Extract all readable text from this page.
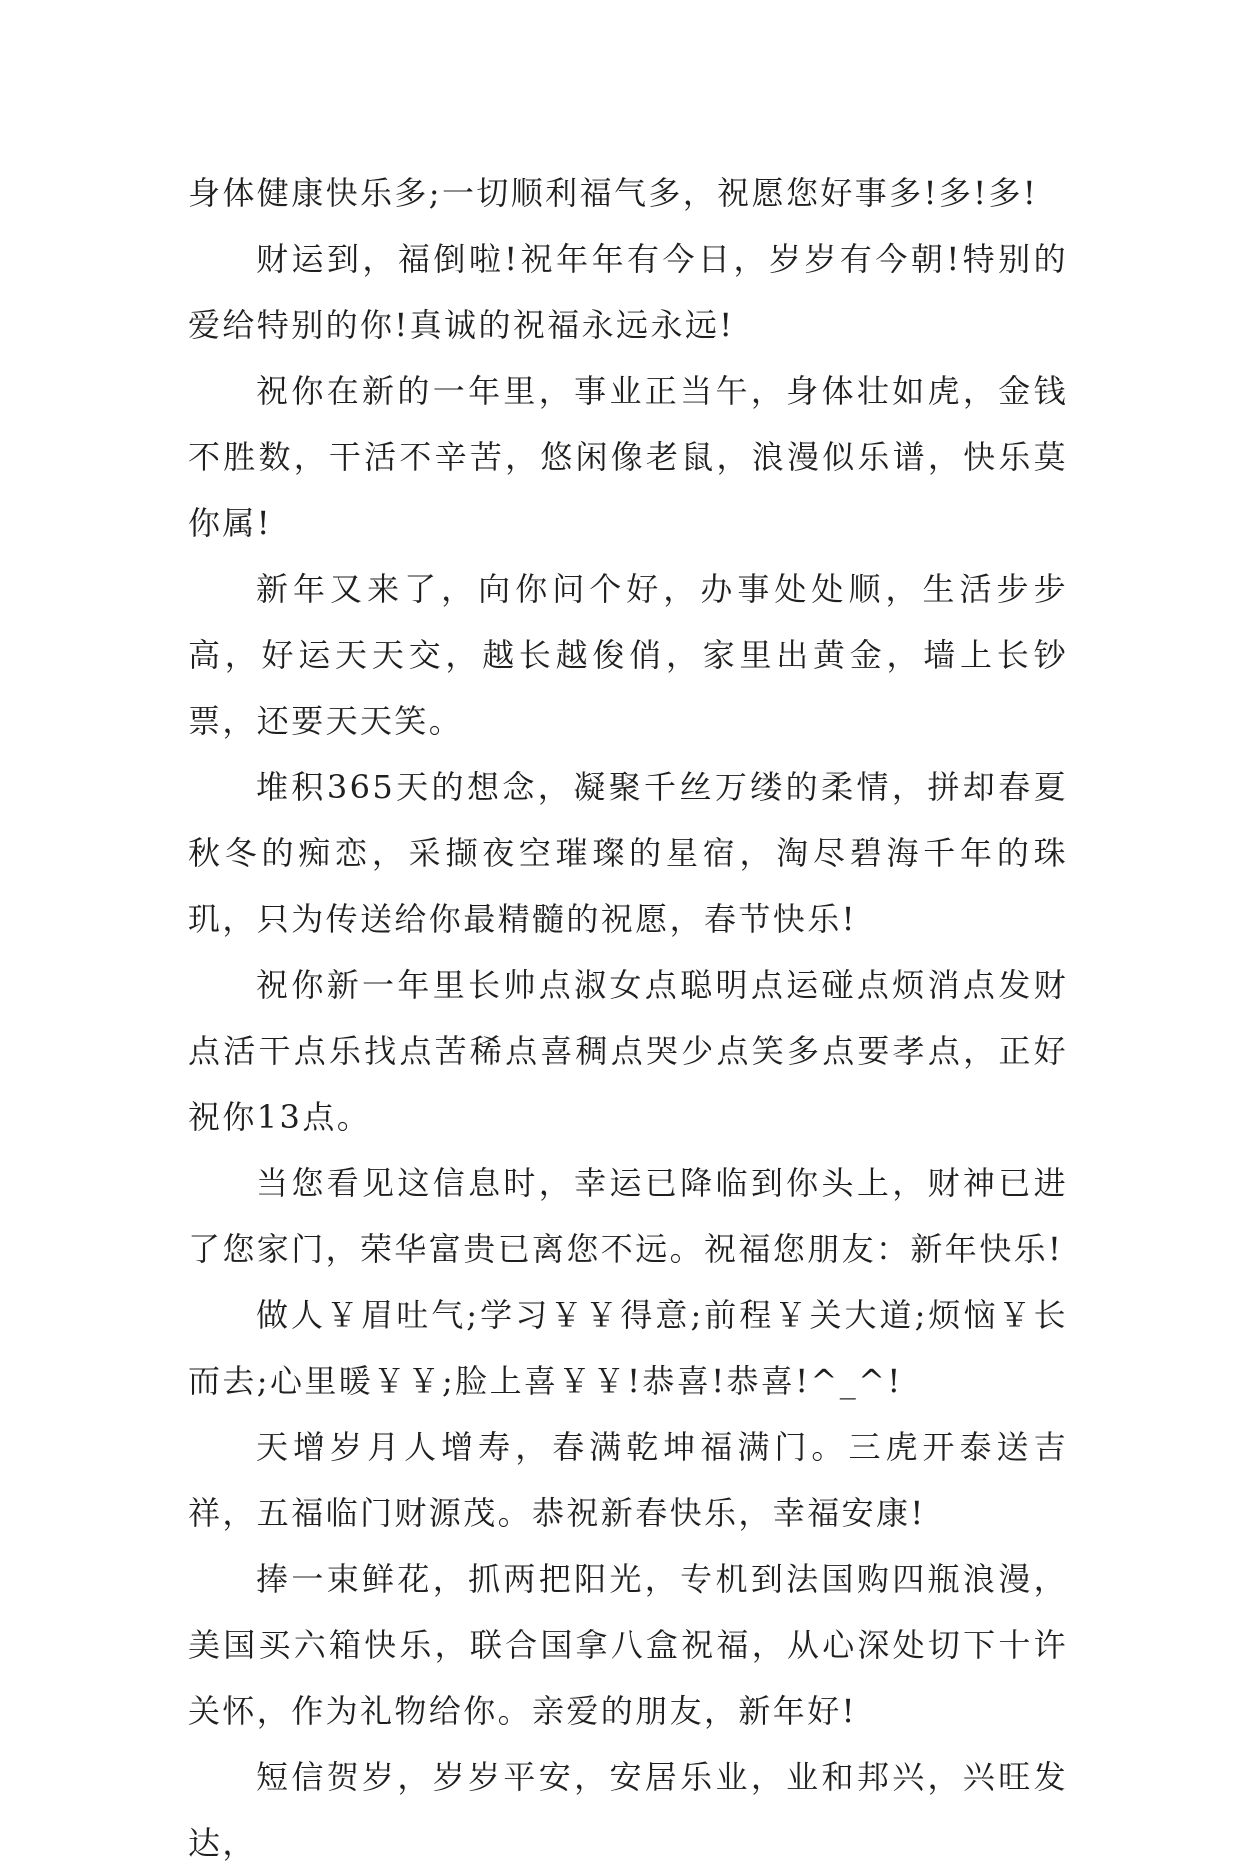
身体健康快乐多;一切顺利福气多，祝愿您好事多!多!多!

财运到，福倒啦!祝年年有今日，岁岁有今朝!特别的爱给特别的你!真诚的祝福永远永远!

祝你在新的一年里，事业正当午，身体壮如虎，金钱不胜数，干活不辛苦，悠闲像老鼠，浪漫似乐谱，快乐莫你属!

新年又来了，向你问个好，办事处处顺，生活步步高，好运天天交，越长越俊俏，家里出黄金，墙上长钞票，还要天天笑。

堆积365天的想念，凝聚千丝万缕的柔情，拼却春夏秋冬的痴恋，采撷夜空璀璨的星宿，淘尽碧海千年的珠玑，只为传送给你最精髓的祝愿，春节快乐!

祝你新一年里长帅点淑女点聪明点运碰点烦消点发财点活干点乐找点苦稀点喜稠点哭少点笑多点要孝点，正好祝你13点。

当您看见这信息时，幸运已降临到你头上，财神已进了您家门，荣华富贵已离您不远。祝福您朋友：新年快乐!

做人￥眉吐气;学习￥￥得意;前程￥关大道;烦恼￥长而去;心里暖￥￥;脸上喜￥￥!恭喜!恭喜!^_^!

天增岁月人增寿，春满乾坤福满门。三虎开泰送吉祥，五福临门财源茂。恭祝新春快乐，幸福安康!

捧一束鲜花，抓两把阳光，专机到法国购四瓶浪漫，美国买六箱快乐，联合国拿八盒祝福，从心深处切下十许关怀，作为礼物给你。亲爱的朋友，新年好!

短信贺岁，岁岁平安，安居乐业，业和邦兴，兴旺发达，
